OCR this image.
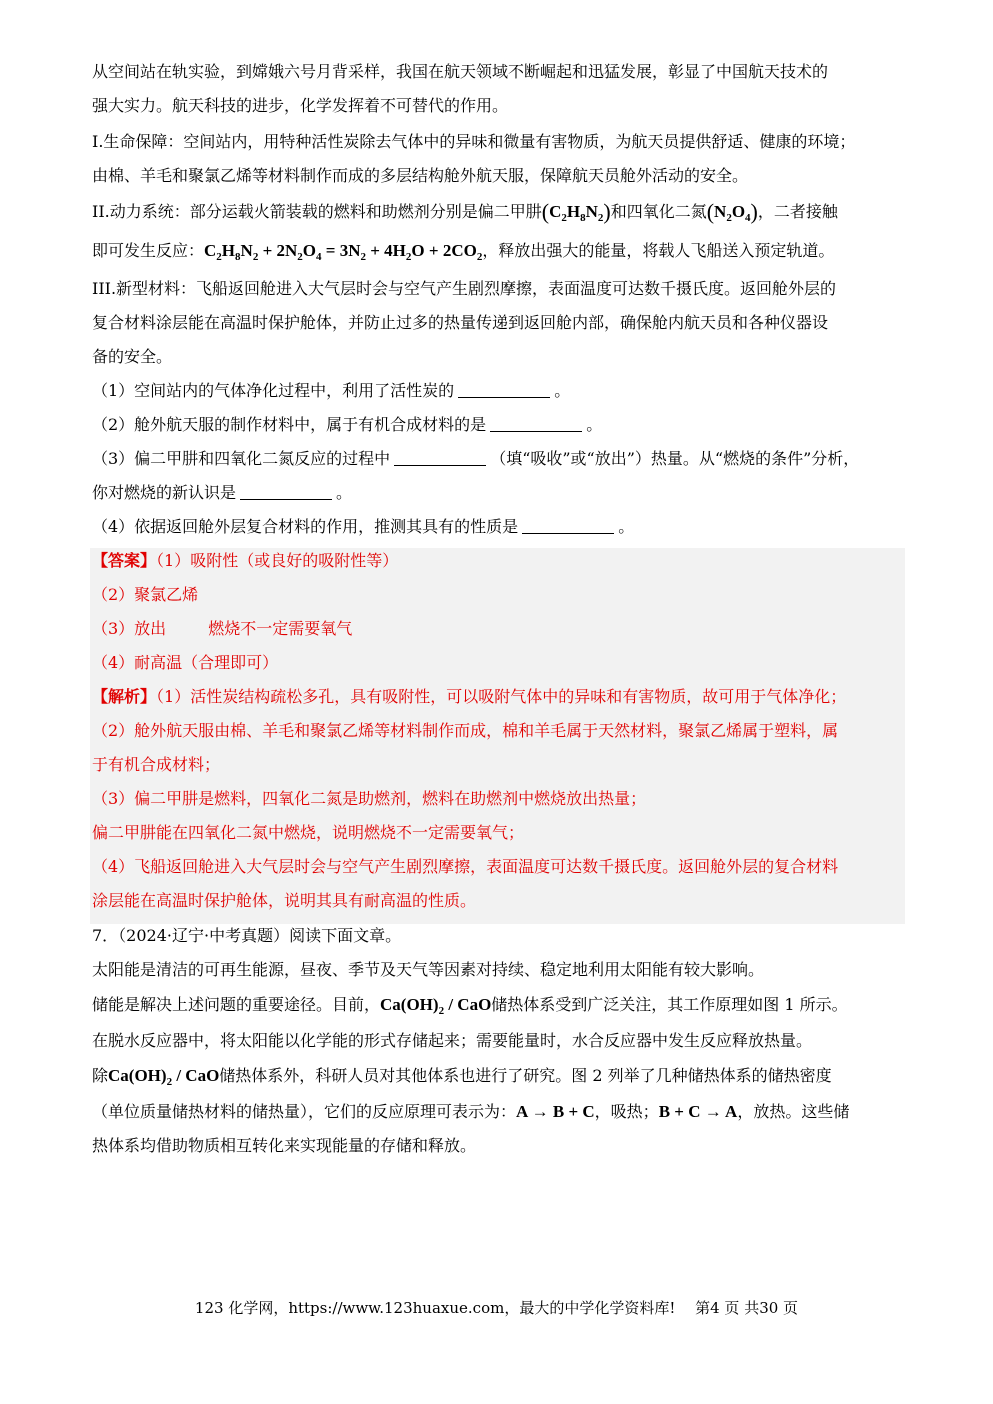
从空间站在轨实验，到嫦娥六号月背采样，我国在航天领域不断崛起和迅猛发展，彰显了中国航天技术的
强大实力。航天科技的进步，化学发挥着不可替代的作用。
I.生命保障：空间站内，用特种活性炭除去气体中的异味和微量有害物质，为航天员提供舒适、健康的环境；
由棉、羊毛和聚氯乙烯等材料制作而成的多层结构舱外航天服，保障航天员舱外活动的安全。
II.动力系统：部分运载火箭装载的燃料和助燃剂分别是偏二甲肼$(C_2H_8N_2)$和四氧化二氮$(N_2O_4)$，二者接触
即可发生反应：$C_2H_8N_2 + 2N_2O_4 = 3N_2 + 4H_2O + 2CO_2$，释放出强大的能量，将载人飞船送入预定轨道。
III.新型材料：飞船返回舱进入大气层时会与空气产生剧烈摩擦，表面温度可达数千摄氏度。返回舱外层的
复合材料涂层能在高温时保护舱体，并防止过多的热量传递到返回舱内部，确保舱内航天员和各种仪器设
备的安全。
（1）空间站内的气体净化过程中，利用了活性炭的	。
（2）舱外航天服的制作材料中，属于有机合成材料的是	。
（3）偏二甲肼和四氧化二氮反应的过程中	（填“吸收”或“放出”）热量。从“燃烧的条件”分析，
你对燃烧的新认识是	。
（4）依据返回舱外层复合材料的作用，推测其具有的性质是	。
【答案】（1）吸附性（或良好的吸附性等）
（2）聚氯乙烯
（3）放出	燃烧不一定需要氧气
（4）耐高温（合理即可）
【解析】（1）活性炭结构疏松多孔，具有吸附性，可以吸附气体中的异味和有害物质，故可用于气体净化；
（2）舱外航天服由棉、羊毛和聚氯乙烯等材料制作而成，棉和羊毛属于天然材料，聚氯乙烯属于塑料，属
于有机合成材料；
（3）偏二甲肼是燃料，四氧化二氮是助燃剂，燃料在助燃剂中燃烧放出热量；
偏二甲肼能在四氧化二氮中燃烧，说明燃烧不一定需要氧气；
（4）飞船返回舱进入大气层时会与空气产生剧烈摩擦，表面温度可达数千摄氏度。返回舱外层的复合材料
涂层能在高温时保护舱体，说明其具有耐高温的性质。
7．（2024·辽宁·中考真题）阅读下面文章。
太阳能是清洁的可再生能源，昼夜、季节及天气等因素对持续、稳定地利用太阳能有较大影响。
储能是解决上述问题的重要途径。目前，$Ca(OH)_2$ / CaO储热体系受到广泛关注，其工作原理如图 1 所示。
在脱水反应器中，将太阳能以化学能的形式存储起来；需要能量时，水合反应器中发生反应释放热量。
除$Ca(OH)_2$ / CaO储热体系外，科研人员对其他体系也进行了研究。图 2 列举了几种储热体系的储热密度
（单位质量储热材料的储热量），它们的反应原理可表示为：A → B + C，吸热；B + C → A，放热。这些储
热体系均借助物质相互转化来实现能量的存储和释放。
123 化学网，https://www.123huaxue.com，最大的中学化学资料库!　 第4 页 共30 页
